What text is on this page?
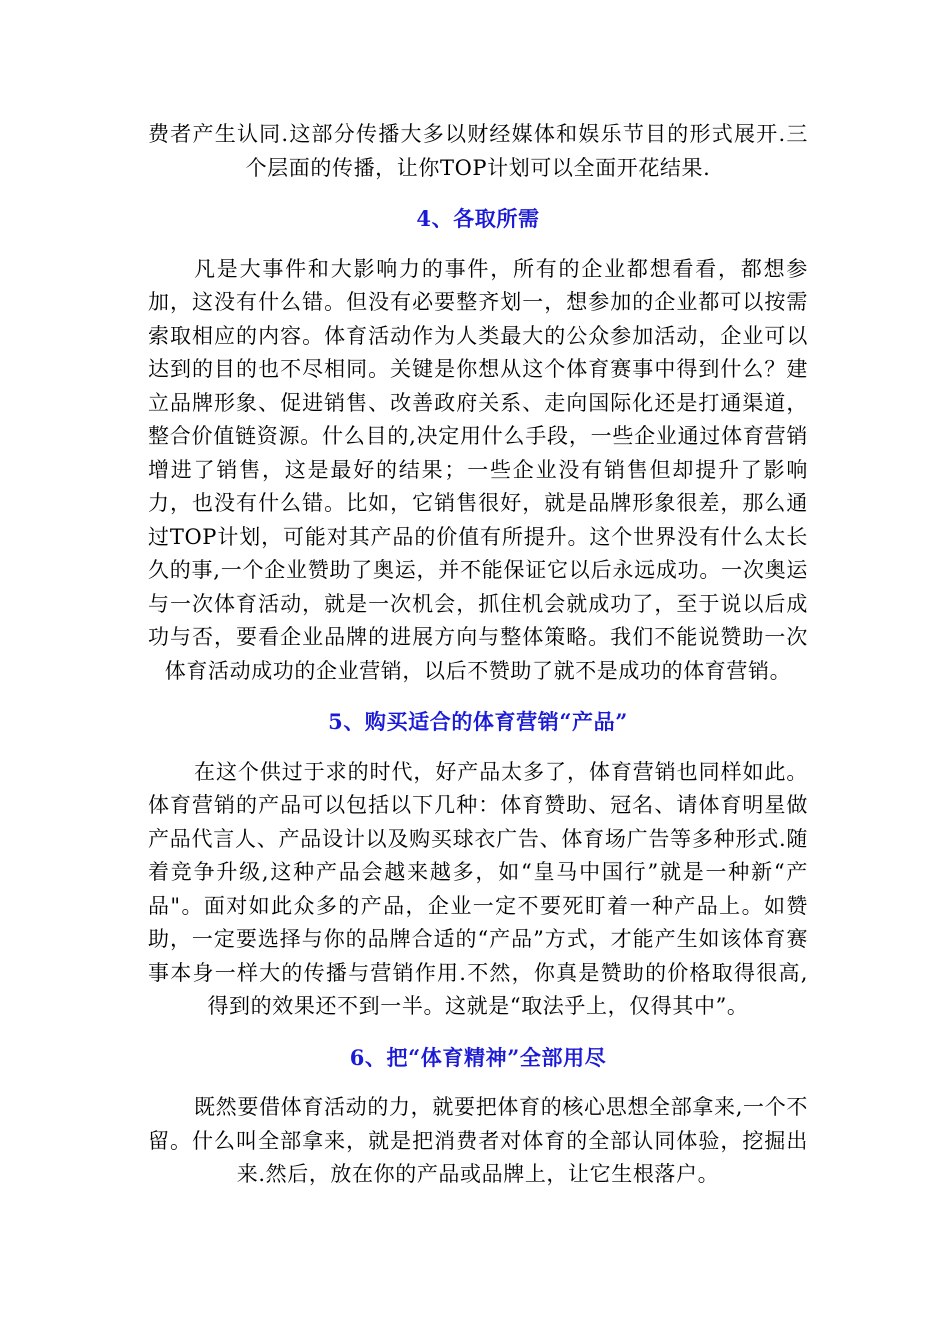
费者产生认同.这部分传播大多以财经媒体和娱乐节目的形式展开.三个层面的传播，让你TOP计划可以全面开花结果.

4、各取所需

凡是大事件和大影响力的事件，所有的企业都想看看，都想参加，这没有什么错。但没有必要整齐划一，想参加的企业都可以按需索取相应的内容。体育活动作为人类最大的公众参加活动，企业可以达到的目的也不尽相同。关键是你想从这个体育赛事中得到什么？建立品牌形象、促进销售、改善政府关系、走向国际化还是打通渠道，整合价值链资源。什么目的,决定用什么手段，一些企业通过体育营销增进了销售，这是最好的结果；一些企业没有销售但却提升了影响力，也没有什么错。比如，它销售很好，就是品牌形象很差，那么通过TOP计划，可能对其产品的价值有所提升。这个世界没有什么太长久的事,一个企业赞助了奥运，并不能保证它以后永远成功。一次奥运与一次体育活动，就是一次机会，抓住机会就成功了，至于说以后成功与否，要看企业品牌的进展方向与整体策略。我们不能说赞助一次体育活动成功的企业营销，以后不赞助了就不是成功的体育营销。

5、购买适合的体育营销“产品”

在这个供过于求的时代，好产品太多了，体育营销也同样如此。体育营销的产品可以包括以下几种：体育赞助、冠名、请体育明星做产品代言人、产品设计以及购买球衣广告、体育场广告等多种形式.随着竞争升级,这种产品会越来越多，如“皇马中国行”就是一种新“产品"。面对如此众多的产品，企业一定不要死盯着一种产品上。如赞助，一定要选择与你的品牌合适的“产品”方式，才能产生如该体育赛事本身一样大的传播与营销作用.不然，你真是赞助的价格取得很高,得到的效果还不到一半。这就是“取法乎上，仅得其中”。

6、把“体育精神”全部用尽

既然要借体育活动的力，就要把体育的核心思想全部拿来,一个不留。什么叫全部拿来，就是把消费者对体育的全部认同体验，挖掘出来.然后，放在你的产品或品牌上，让它生根落户。
